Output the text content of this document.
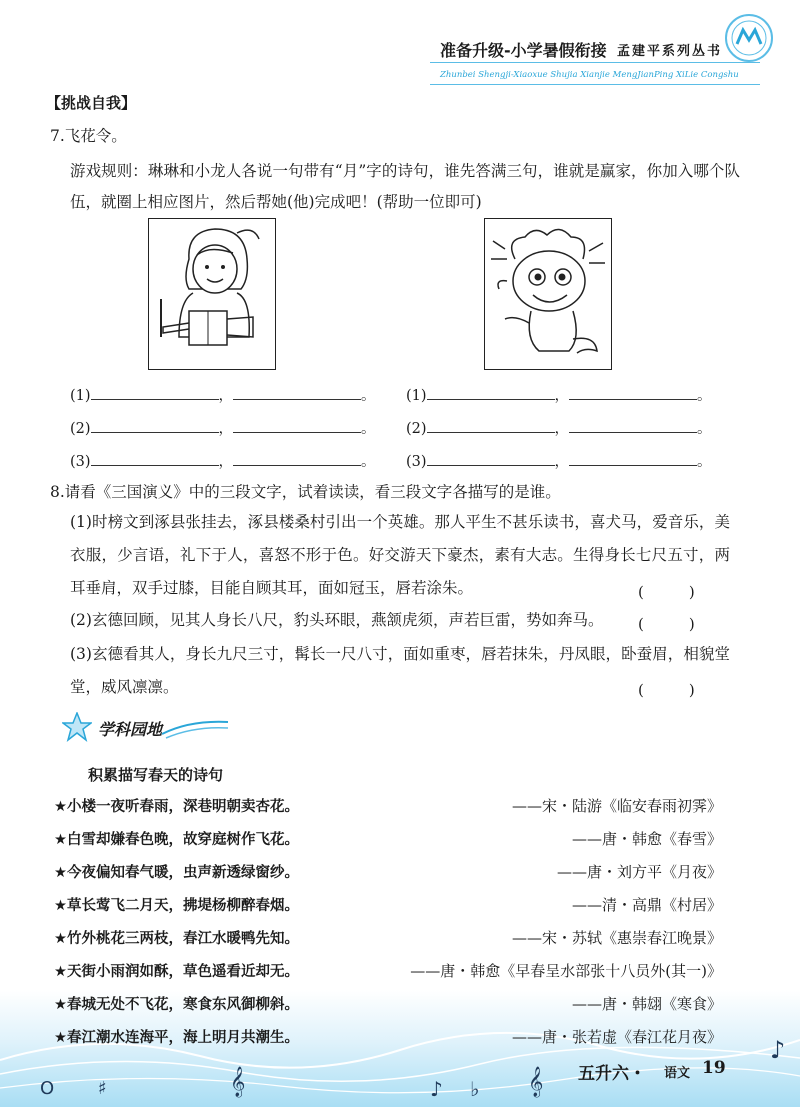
准备升级-小学暑假衔接 孟建平系列丛书
Zhunbei Shengji-Xiaoxue Shujia Xianjie MengJianPing XiLie Congshu
【挑战自我】
7.飞花令。
游戏规则：琳琳和小龙人各说一句带有“月”字的诗句，谁先答满三句，谁就是赢家，你加入哪个队伍，就圈上相应图片，然后帮她(他)完成吧！(帮助一位即可)
(1)	，	。
(2)	，	。
(3)	，	。
(1)	，	。
(2)	，	。
(3)	，	。
8.请看《三国演义》中的三段文字，试着读读，看三段文字各描写的是谁。
(1)时榜文到涿县张挂去，涿县楼桑村引出一个英雄。那人平生不甚乐读书，喜犬马，爱音乐，美衣服，少言语，礼下于人，喜怒不形于色。好交游天下豪杰，素有大志。生得身长七尺五寸，两耳垂肩，双手过膝，目能自顾其耳，面如冠玉，唇若涂朱。	(　　　)
(2)玄德回顾，见其人身长八尺，豹头环眼，燕颔虎须，声若巨雷，势如奔马。	(　　　)
(3)玄德看其人，身长九尺三寸，髯长一尺八寸，面如重枣，唇若抹朱，丹凤眼，卧蚕眉，相貌堂堂，威风凛凛。	(　　　)
学科园地
积累描写春天的诗句
★小楼一夜听春雨，深巷明朝卖杏花。	——宋・陆游《临安春雨初霁》
★白雪却嫌春色晚，故穿庭树作飞花。	——唐・韩愈《春雪》
★今夜偏知春气暖，虫声新透绿窗纱。	——唐・刘方平《月夜》
★草长莺飞二月天，拂堤杨柳醉春烟。	——清・高鼎《村居》
★竹外桃花三两枝，春江水暖鸭先知。	——宋・苏轼《惠崇春江晚景》
★天街小雨润如酥，草色遥看近却无。	——唐・韩愈《早春呈水部张十八员外(其一)》
★春城无处不飞花，寒食东风御柳斜。	——唐・韩翃《寒食》
★春江潮水连海平，海上明月共潮生。	——唐・张若虚《春江花月夜》
O ♯	𝄞	♪ ♭ 𝄞
♪
五升六・ 语文 19
